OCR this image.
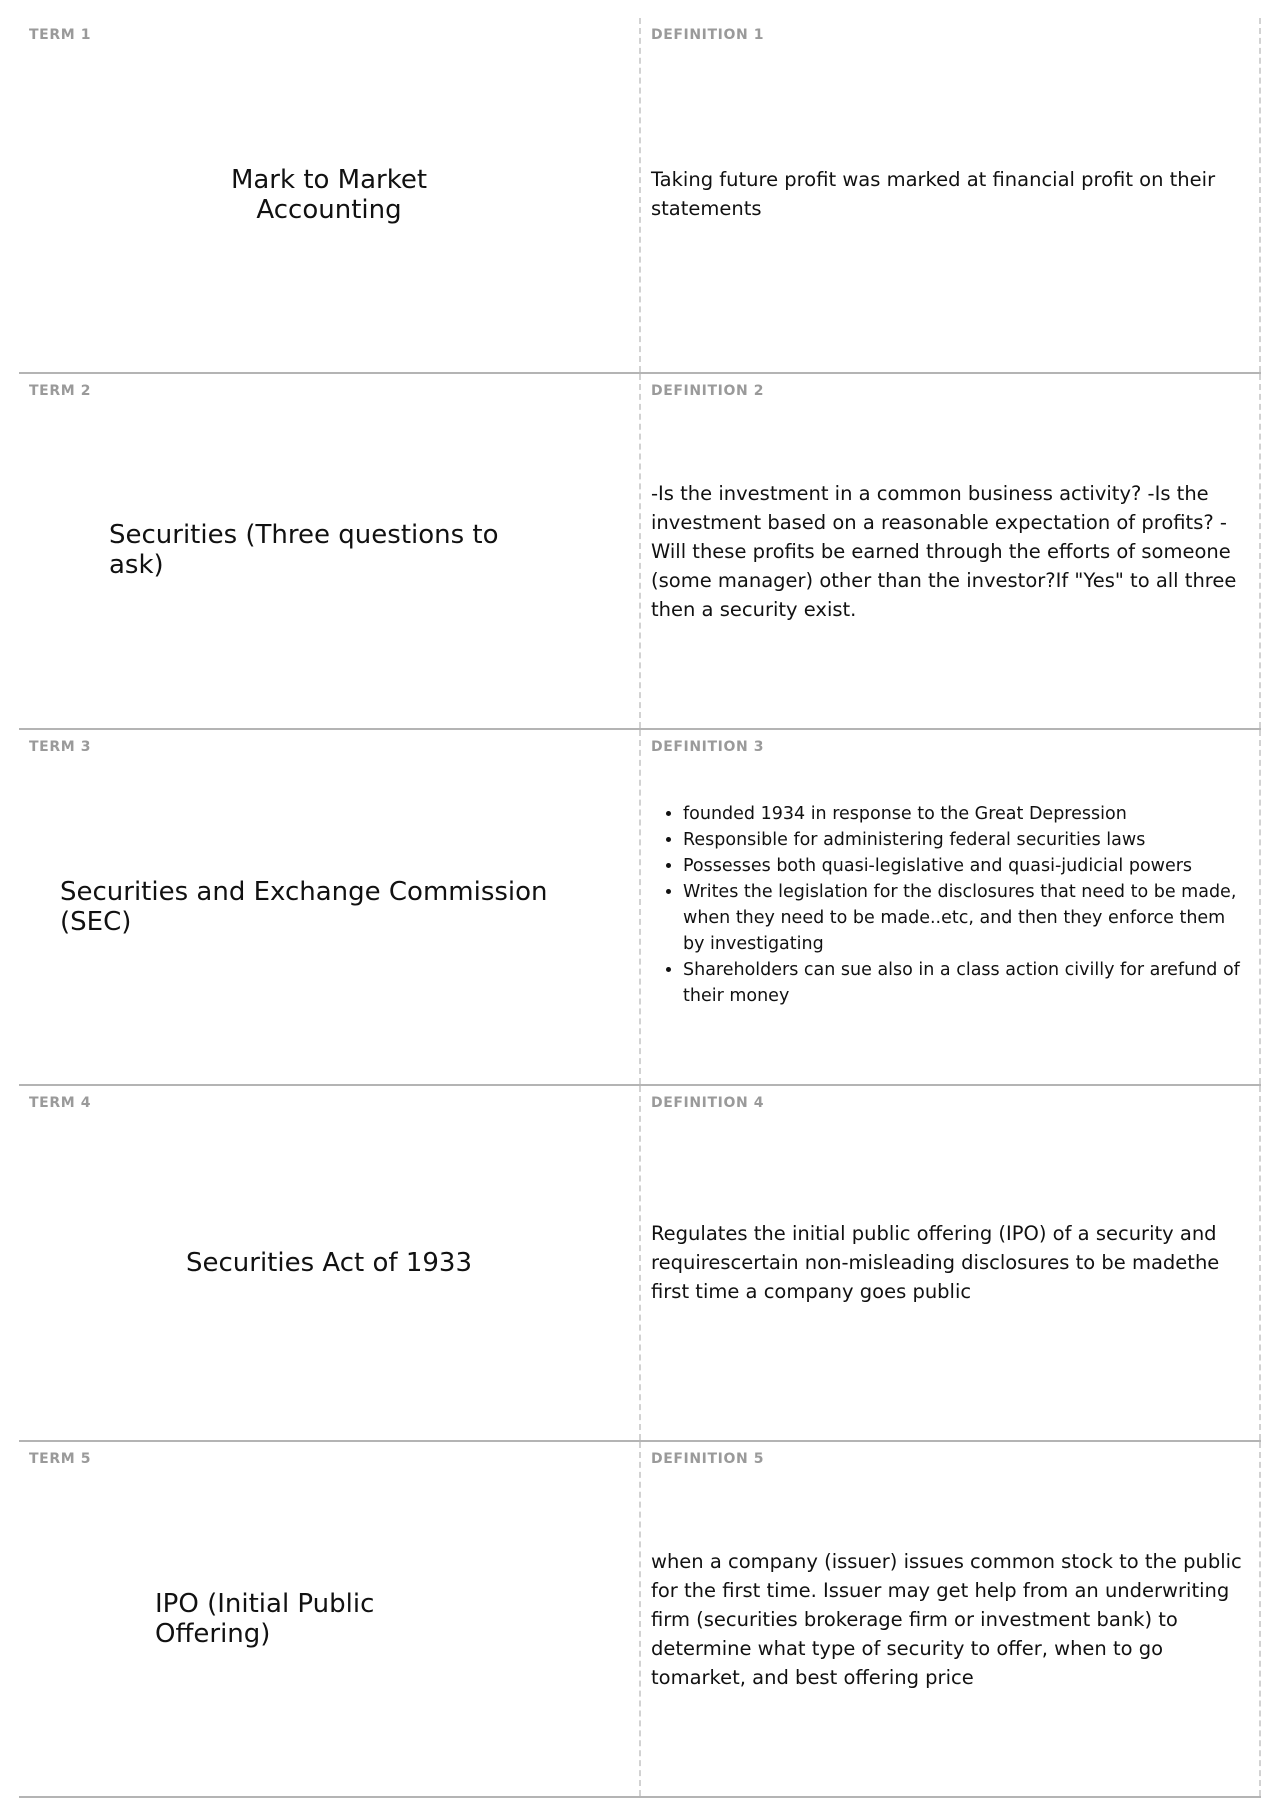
TERM 1
Mark to Market Accounting
DEFINITION 1
Taking future profit was marked at financial profit on their statements
TERM 2
Securities (Three questions to ask)
DEFINITION 2
-Is the investment in a common business activity? -Is the investment based on a reasonable expectation of profits? -Will these profits be earned through the efforts of someone (some manager) other than the investor?If "Yes" to all three then a security exist.
TERM 3
Securities and Exchange Commission (SEC)
DEFINITION 3
• founded 1934 in response to the Great Depression
• Responsible for administering federal securities laws
• Possesses both quasi-legislative and quasi-judicial powers
• Writes the legislation for the disclosures that need to be made, when they need to be made..etc, and then they enforce them by investigating
• Shareholders can sue also in a class action civilly for arefund of their money
TERM 4
Securities Act of 1933
DEFINITION 4
Regulates the initial public offering (IPO) of a security and requirescertain non-misleading disclosures to be madethe first time a company goes public
TERM 5
IPO (Initial Public Offering)
DEFINITION 5
when a company (issuer) issues common stock to the public for the first time. Issuer may get help from an underwriting firm (securities brokerage firm or investment bank) to determine what type of security to offer, when to go tomarket, and best offering price
